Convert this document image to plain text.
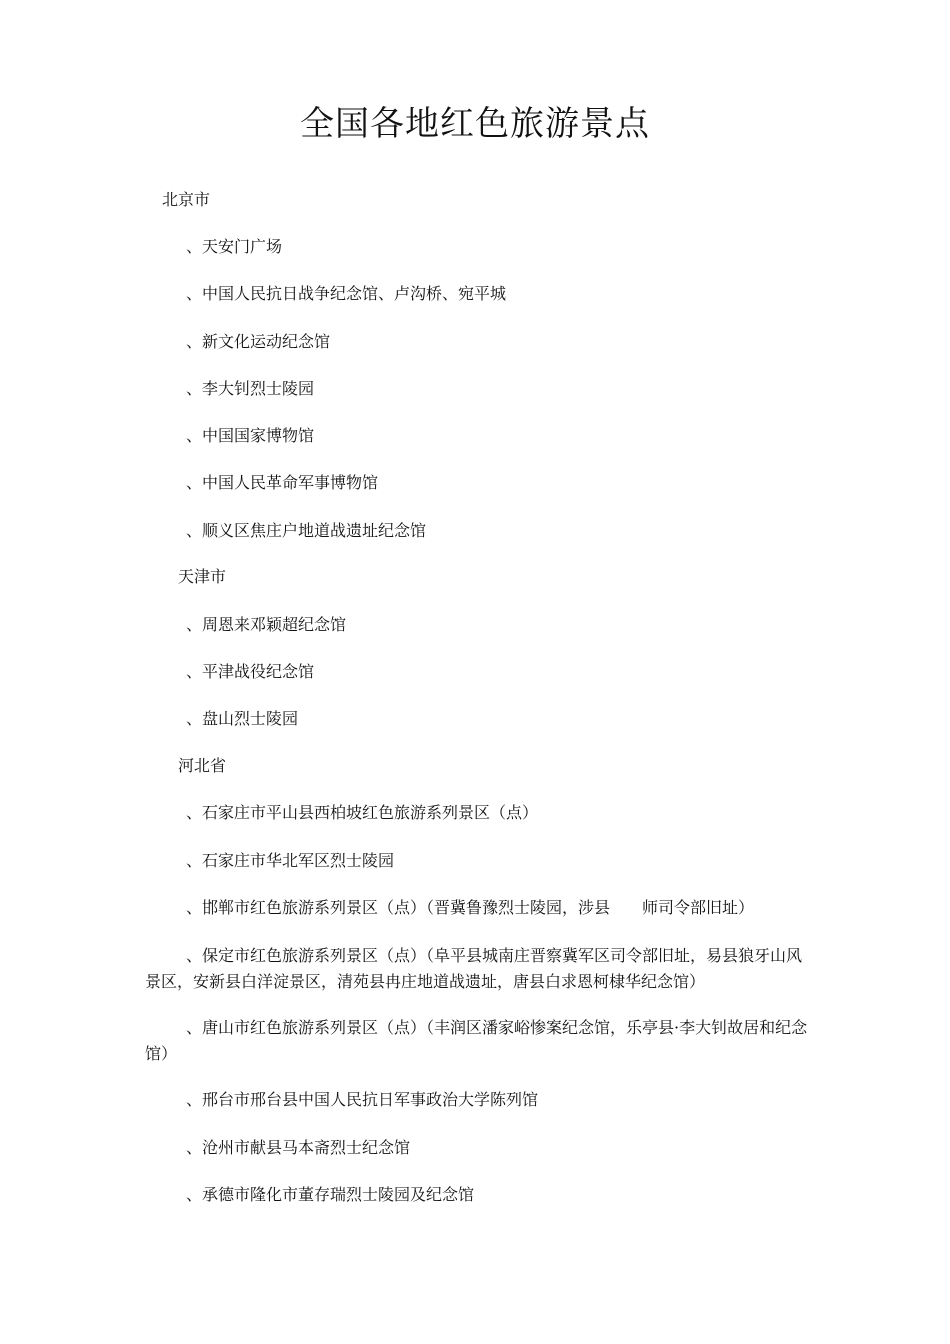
全国各地红色旅游景点
北京市
、天安门广场
、中国人民抗日战争纪念馆、卢沟桥、宛平城
、新文化运动纪念馆
、李大钊烈士陵园
、中国国家博物馆
、中国人民革命军事博物馆
、顺义区焦庄户地道战遗址纪念馆
天津市
、周恩来邓颖超纪念馆
、平津战役纪念馆
、盘山烈士陵园
河北省
、石家庄市平山县西柏坡红色旅游系列景区（点）
、石家庄市华北军区烈士陵园
、邯郸市红色旅游系列景区（点）（晋冀鲁豫烈士陵园，涉县　　师司令部旧址）
、保定市红色旅游系列景区（点）（阜平县城南庄晋察冀军区司令部旧址，易县狼牙山风景区，安新县白洋淀景区，清苑县冉庄地道战遗址，唐县白求恩柯棣华纪念馆）
、唐山市红色旅游系列景区（点）（丰润区潘家峪惨案纪念馆，乐亭县·李大钊故居和纪念馆）
、邢台市邢台县中国人民抗日军事政治大学陈列馆
、沧州市献县马本斋烈士纪念馆
、承德市隆化市董存瑞烈士陵园及纪念馆
